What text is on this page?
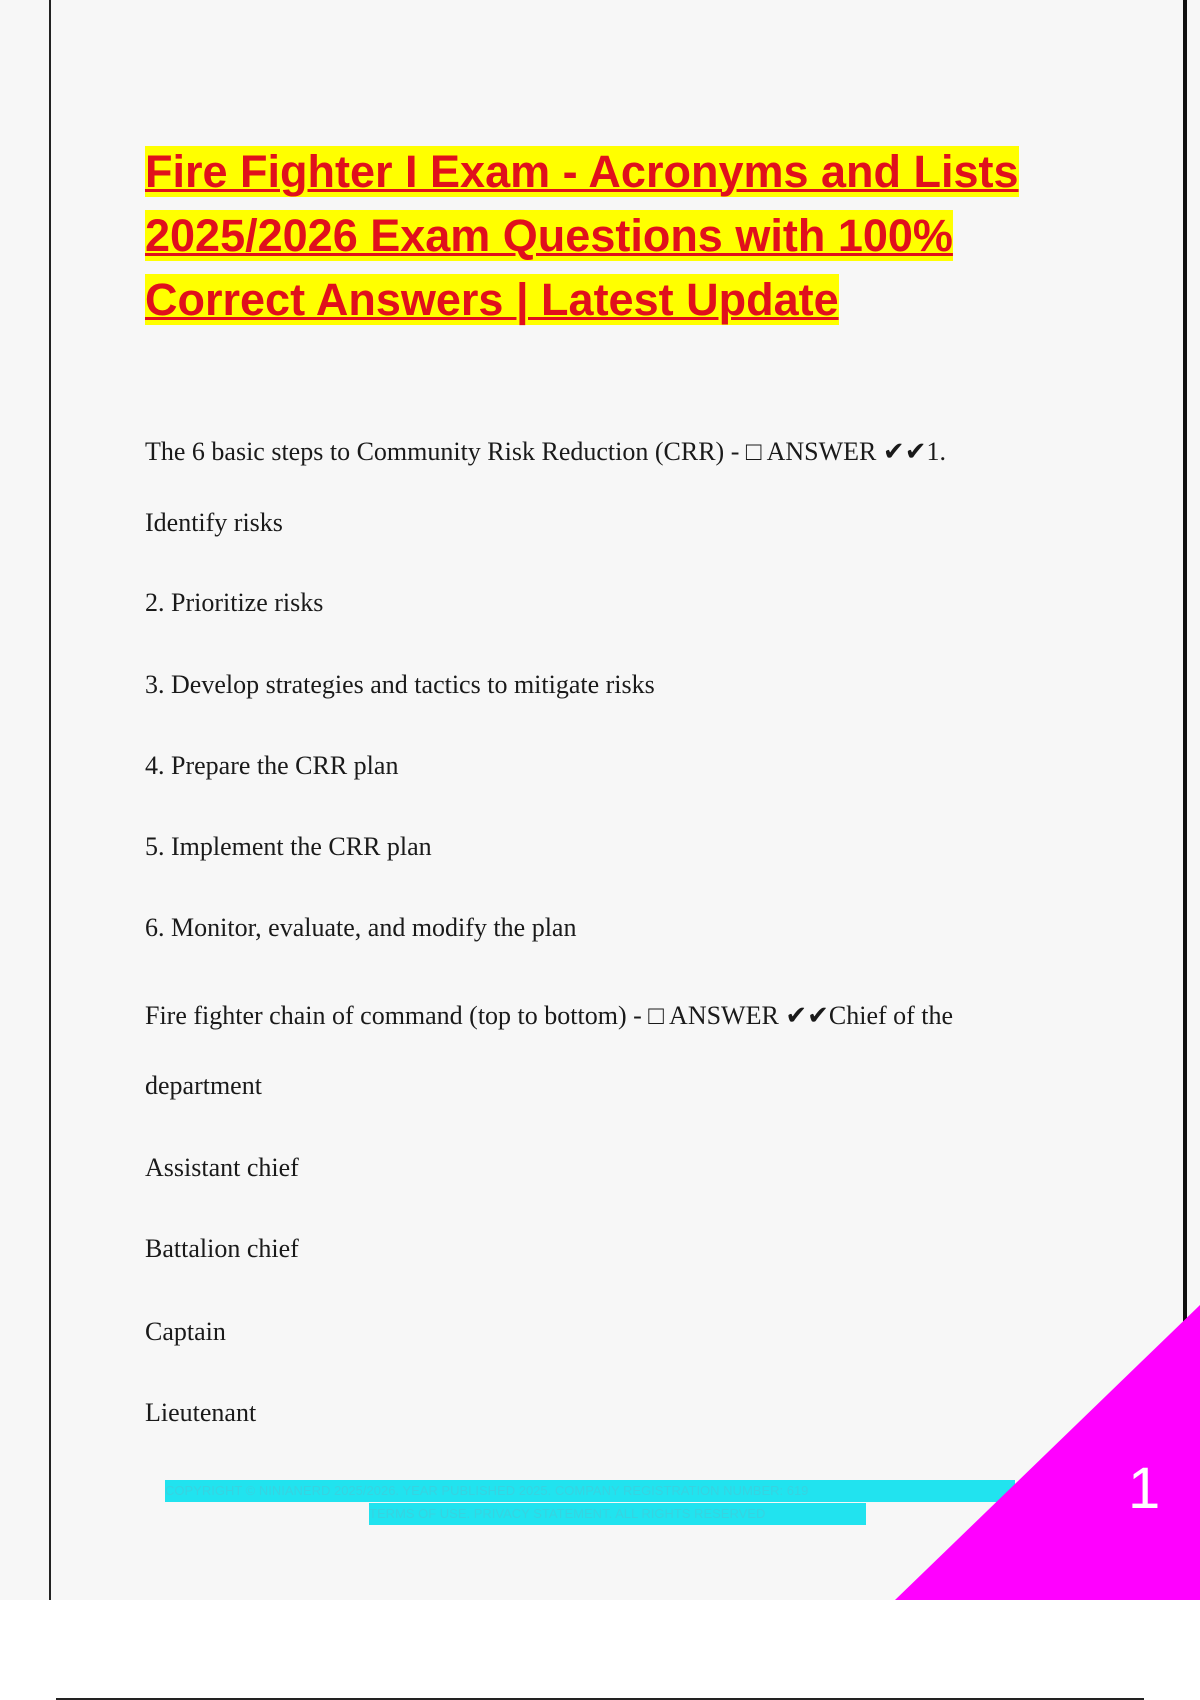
Fire Fighter I Exam - Acronyms and Lists
2025/2026 Exam Questions with 100%
Correct Answers | Latest Update
The 6 basic steps to Community Risk Reduction (CRR) - □ ANSWER ✔✔1.
Identify risks
2. Prioritize risks
3. Develop strategies and tactics to mitigate risks
4. Prepare the CRR plan
5. Implement the CRR plan
6. Monitor, evaluate, and modify the plan
Fire fighter chain of command (top to bottom) - □ ANSWER ✔✔Chief of the
department
Assistant chief
Battalion chief
Captain
Lieutenant
COPYRIGHT © NINIANERD 2025/2026. YEAR PUBLISHED 2025. COMPANY REGISTRATION NUMBER: 619
TERMS OF USE. PRIVACY STATEMENT. ALL RIGHTS RESERVED	1
